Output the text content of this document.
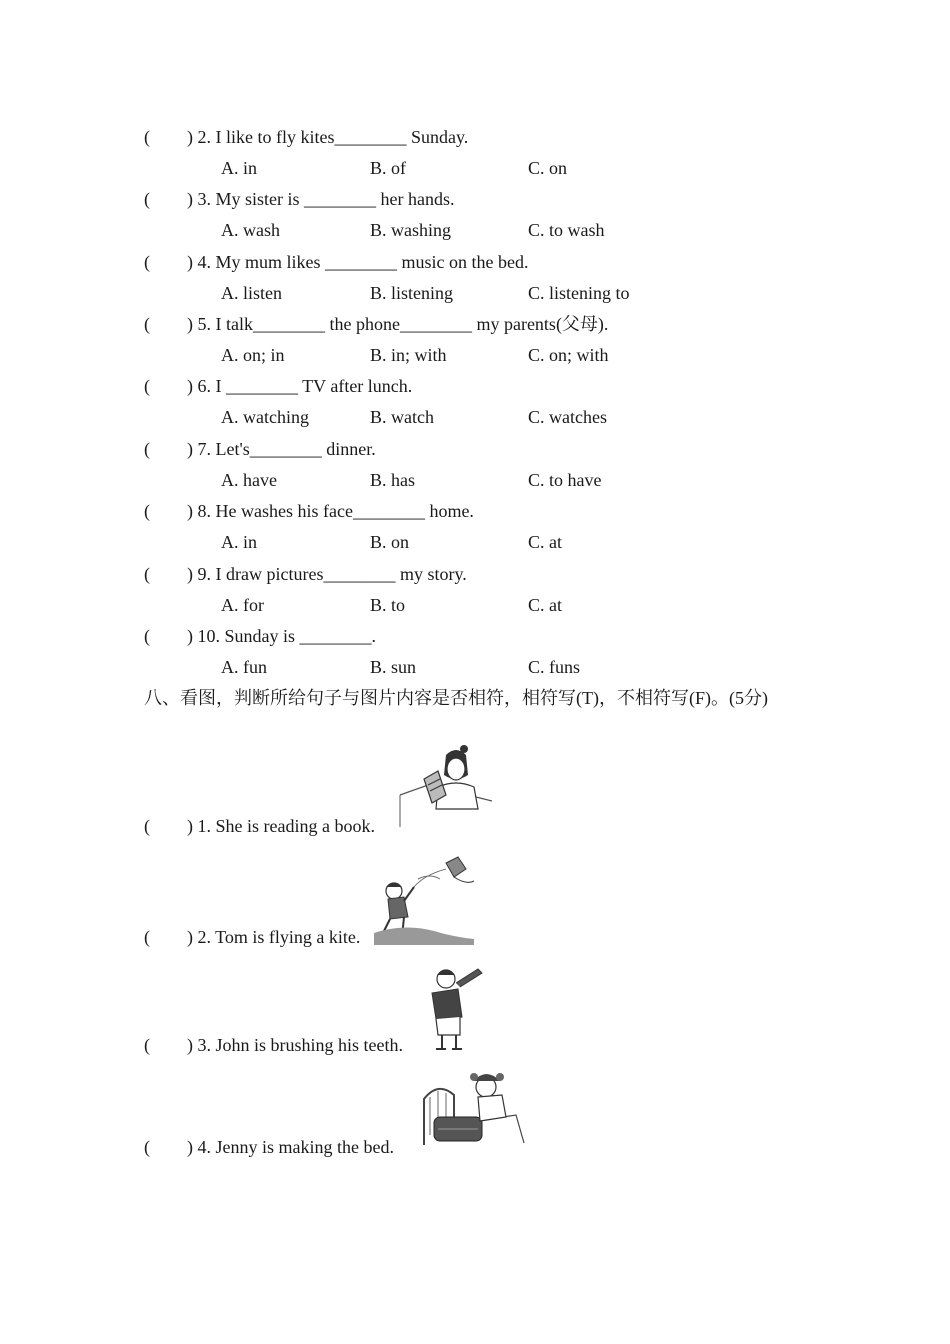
( ) 2. I like to fly kites________ Sunday.
A. in	B. of	C. on
( ) 3. My sister is ________ her hands.
A. wash	B. washing	C. to wash
( ) 4. My mum likes ________ music on the bed.
A. listen	B. listening	C. listening to
( ) 5. I talk________ the phone________ my parents(父母).
A. on; in	B. in; with	C. on; with
( ) 6. I ________ TV after lunch.
A. watching	B. watch	C. watches
( ) 7. Let's________ dinner.
A. have	B. has	C. to have
( ) 8. He washes his face________ home.
A. in	B. on	C. at
( ) 9. I draw pictures________ my story.
A. for	B. to	C. at
( ) 10. Sunday is ________.
A. fun	B. sun	C. funs
八、看图，判断所给句子与图片内容是否相符，相符写(T)，不相符写(F)。(5分)
( ) 1. She is reading a book.
( ) 2. Tom is flying a kite.
( ) 3. John is brushing his teeth.
( ) 4. Jenny is making the bed.
